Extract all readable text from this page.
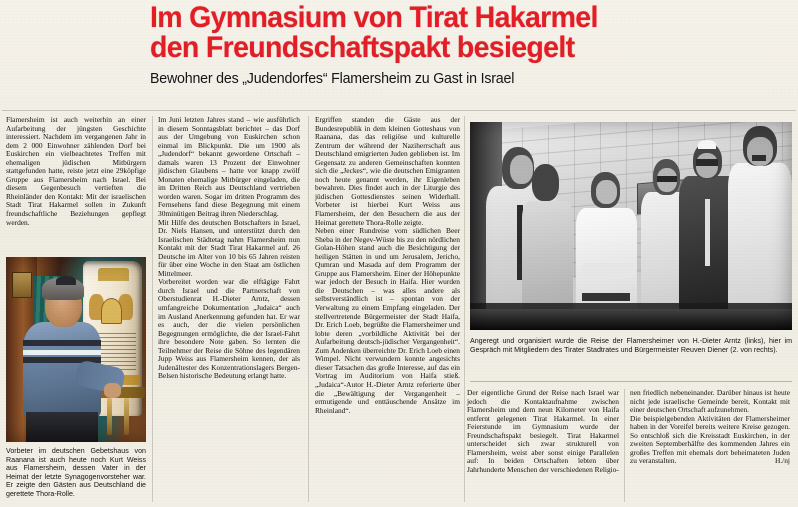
Im Gymnasium von Tirat Hakarmel
den Freundschaftspakt besiegelt
Bewohner des „Judendorfes“ Flamersheim zu Gast in Israel

Flamersheim ist auch weiterhin an einer Aufarbeitung der jüngsten Geschichte interessiert. Nachdem im vergangenen Jahr in dem 2 000 Einwohner zählenden Dorf bei Euskirchen ein vielbeachtetes Treffen mit ehemaligen jüdischen Mitbürgern stattgefunden hatte, reiste jetzt eine 29köpfige Gruppe aus Flamersheim nach Israel. Bei diesem Gegenbesuch vertieften die Rheinländer den Kontakt: Mit der israelischen Stadt Tirat Hakarmel sollen in Zukunft freundschaftliche Beziehungen gepflegt werden.

Vorbeter im deutschen Gebetshaus von Raanana ist auch heute noch Kurt Weiss aus Flamersheim, dessen Vater in der Heimat der letzte Synagogenvorsteher war. Er zeigte den Gästen aus Deutschland die gerettete Thora-Rolle.

Im Juni letzten Jahres stand – wie ausführlich in diesem Sonntagsblatt berichtet – das Dorf aus der Umgebung von Euskirchen schon einmal im Blickpunkt. Die um 1900 als „Judendorf“ bekannt gewordene Ortschaft – damals waren 13 Prozent der Einwohner jüdischen Glaubens – hatte vor knapp zwölf Monaten ehemalige Mitbürger eingeladen, die im Dritten Reich aus Deutschland vertrieben worden waren. Sogar im dritten Programm des Fernsehens fand diese Begegnung mit einem 30minütigen Beitrag ihren Niederschlag.

Mit Hilfe des deutschen Botschafters in Israel, Dr. Niels Hansen, und unterstützt durch den Israelischen Städtetag nahm Flamersheim nun Kontakt mit der Stadt Tirat Hakarmel auf. 26 Deutsche im Alter von 10 bis 65 Jahren reisten für über eine Woche in den Staat am östlichen Mittelmeer.

Vorbereitet worden war die elftägige Fahrt durch Israel und die Partnerschaft von Oberstudienrat H.-Dieter Arntz, dessen umfangreiche Dokumentation „Judaica“ auch im Ausland Anerkennung gefunden hat. Er war es auch, der die vielen persönlichen Begegnungen ermöglichte, die der Israel-Fahrt ihre besondere Note gaben. So lernten die Teilnehmer der Reise die Söhne des legendären Jupp Weiss aus Flamersheim kennen, der als Judenältester des Konzentrationslagers Bergen-Belsen historische Bedeutung erlangt hatte.

Ergriffen standen die Gäste aus der Bundesrepublik in dem kleinen Gotteshaus von Raanana, das das religiöse und kulturelle Zentrum der während der Naziherrschaft aus Deutschland emigrierten Juden geblieben ist. Im Gegensatz zu anderen Gemeinschaften konnten sich die „Jeckes“, wie die deutschen Emigranten noch heute genannt werden, ihr Eigenleben bewahren. Dies findet auch in der Liturgie des jüdischen Gottesdienstes seinen Widerhall. Vorbeter ist hierbei Kurt Weiss aus Flamersheim, der den Besuchern die aus der Heimat gerettete Thora-Rolle zeigte.

Neben einer Rundreise vom südlichen Beer Sheba in der Negev-Wüste bis zu den nördlichen Golan-Höhen stand auch die Besichtigung der heiligen Stätten in und um Jerusalem, Jericho, Qumran und Masada auf dem Programm der Gruppe aus Flamersheim. Einer der Höhepunkte war jedoch der Besuch in Haifa. Hier wurden die Deutschen – was alles andere als selbstverständlich ist – spontan von der Verwaltung zu einem Empfang eingeladen. Der stellvertretende Bürgermeister der Stadt Haifa, Dr. Erich Loeb, begrüßte die Flamersheimer und lobte deren „vorbildliche Aktivität bei der Aufarbeitung deutsch-jüdischer Vergangenheit“. Zum Andenken überreichte Dr. Erich Loeb einen Wimpel. Nicht verwundern konnte angesichts dieser Tatsachen das große Interesse, auf das ein Vortrag im Auditorium von Haifa stieß. „Judaica“-Autor H.-Dieter Arntz referierte über die „Bewältigung der Vergangenheit – ermutigende und enttäuschende Ansätze im Rheinland“.

Angeregt und organisiert wurde die Reise der Flamersheimer von H.-Dieter Arntz (links), hier im Gespräch mit Mitgliedern des Tirater Stadtrates und Bürgermeister Reuven Diener (2. von rechts).

Der eigentliche Grund der Reise nach Israel war jedoch die Kontaktaufnahme zwischen Flamersheim und dem neun Kilometer von Haifa entfernt gelegenen Tirat Hakarmel. In einer Feierstunde im Gymnasium wurde der Freundschaftspakt besiegelt. Tirat Hakarmel unterscheidet sich zwar strukturell von Flamersheim, weist aber sonst einige Parallelen auf: In beiden Ortschaften lebten über Jahrhunderte Menschen der verschiedenen Religio-

nen friedlich nebeneinander. Darüber hinaus ist heute nicht jede israelische Gemeinde bereit, Kontakt mit einer deutschen Ortschaft aufzunehmen.

Die beispielgebenden Aktivitäten der Flamersheimer haben in der Voreifel bereits weitere Kreise gezogen. So entschloß sich die Kreisstadt Euskirchen, in der zweiten Septemberhälfte des kommenden Jahres ein großes Treffen mit ehemals dort beheimateten Juden zu veranstalten.	H./nj
